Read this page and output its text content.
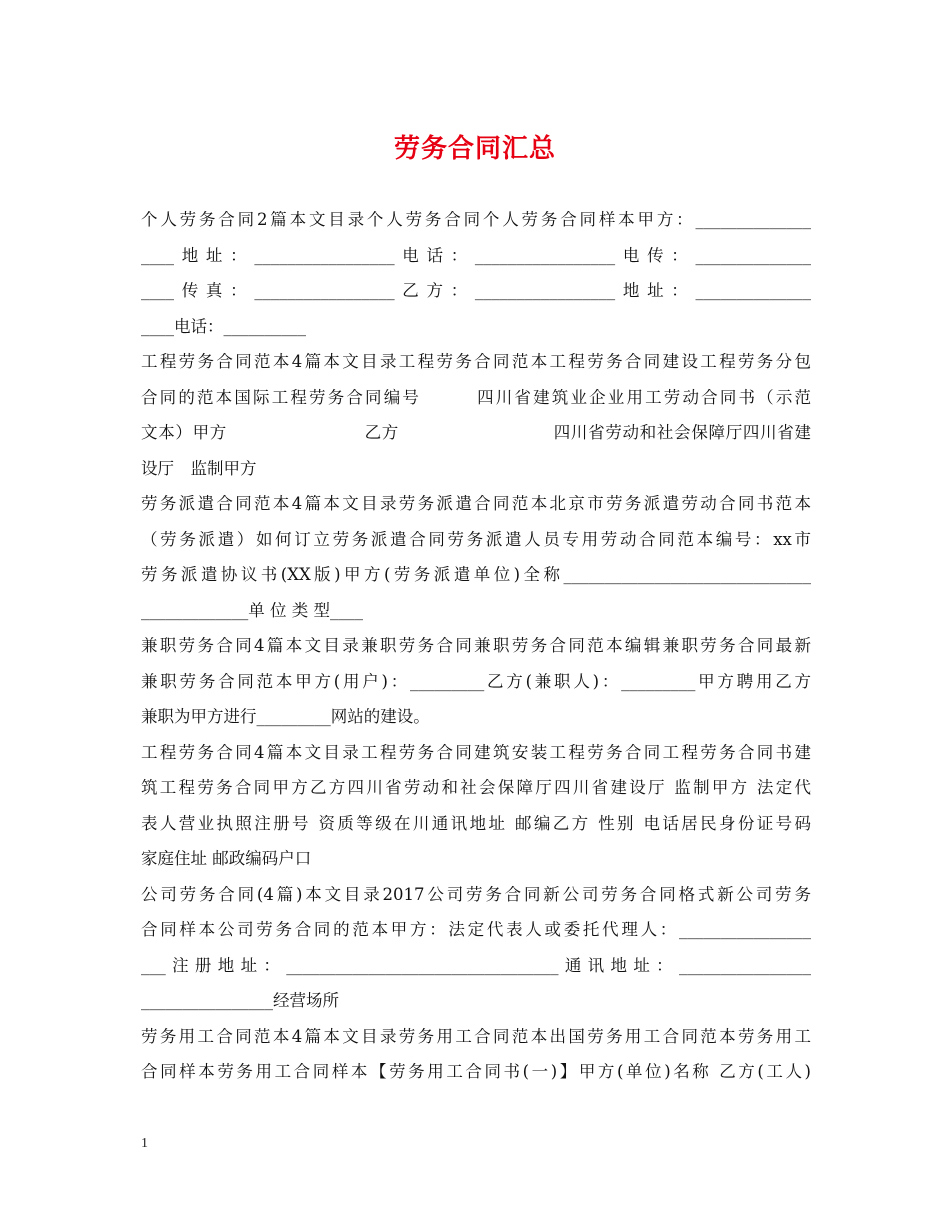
劳务合同汇总
个人劳务合同2篇本文目录个人劳务合同个人劳务合同样本甲方：______________
____地址：_________________电话：_________________电传：______________
____传真：_________________乙方：_________________地址：______________
____电话：__________
工程劳务合同范本4篇本文目录工程劳务合同范本工程劳务合同建设工程劳务分包
合同的范本国际工程劳务合同编号　　　四川省建筑业企业用工劳动合同书（示范
文本）甲方　　　　　　　　乙方　　　　　　　　　四川省劳动和社会保障厅四川省建
设厅　监制甲方
劳务派遣合同范本4篇本文目录劳务派遣合同范本北京市劳务派遣劳动合同书范本
（劳务派遣）如何订立劳务派遣合同劳务派遣人员专用劳动合同范本编号：xx市
劳务派遣协议书(XX版)甲方(劳务派遣单位)全称______________________________
_____________单 位 类 型____
兼职劳务合同4篇本文目录兼职劳务合同兼职劳务合同范本编辑兼职劳务合同最新
兼职劳务合同范本甲方(用户)：_________乙方(兼职人)：_________甲方聘用乙方
兼职为甲方进行_________网站的建设。
工程劳务合同4篇本文目录工程劳务合同建筑安装工程劳务合同工程劳务合同书建
筑工程劳务合同甲方乙方四川省劳动和社会保障厅四川省建设厅 监制甲方 法定代
表人营业执照注册号 资质等级在川通讯地址 邮编乙方 性别 电话居民身份证号码
家庭住址 邮政编码户口
公司劳务合同(4篇)本文目录2017公司劳务合同新公司劳务合同格式新公司劳务
合同样本公司劳务合同的范本甲方：法定代表人或委托代理人：________________
___注册地址：_________________________________通讯地址：________________
________________经营场所
劳务用工合同范本4篇本文目录劳务用工合同范本出国劳务用工合同范本劳务用工
合同样本劳务用工合同样本【劳务用工合同书(一)】甲方(单位)名称 乙方(工人)
1
